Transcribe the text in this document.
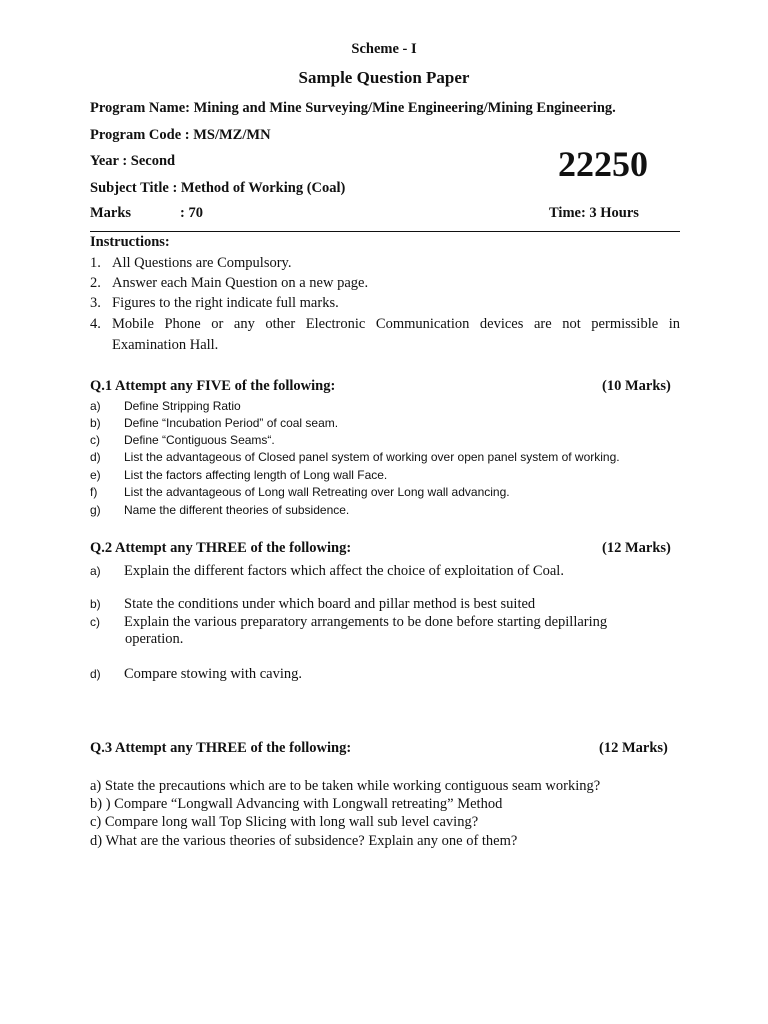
Scheme - I
Sample Question Paper
Program Name: Mining and Mine Surveying/Mine Engineering/Mining Engineering.
Program Code : MS/MZ/MN
Year : Second	22250
Subject Title : Method of Working (Coal)
Marks	: 70	Time: 3 Hours
Instructions:
1. All Questions are Compulsory.
2. Answer each Main Question on a new page.
3. Figures to the right indicate full marks.
4. Mobile Phone or any other Electronic Communication devices are not permissible in
Examination Hall.
Q.1 Attempt any FIVE of the following:	(10 Marks)
a) Define Stripping Ratio
b) Define “Incubation Period” of coal seam.
c) Define “Contiguous Seams“.
d) List the advantageous of Closed panel system of working over open panel system of working.
e) List the factors affecting length of Long wall Face.
f) List the advantageous of Long wall Retreating over Long wall advancing.
g) Name the different theories of subsidence.
Q.2 Attempt any THREE of the following:	(12 Marks)
a) Explain the different factors which affect the choice of exploitation of Coal.
b) State the conditions under which board and pillar method is best suited
c) Explain the various preparatory arrangements to be done before starting depillaring
operation.
d) Compare stowing with caving.
Q.3 Attempt any THREE of the following:	(12 Marks)
a) State the precautions which are to be taken while working contiguous seam working?
b) ) Compare “Longwall Advancing with Longwall retreating” Method
c) Compare long wall Top Slicing with long wall sub level caving?
d) What are the various theories of subsidence? Explain any one of them?
